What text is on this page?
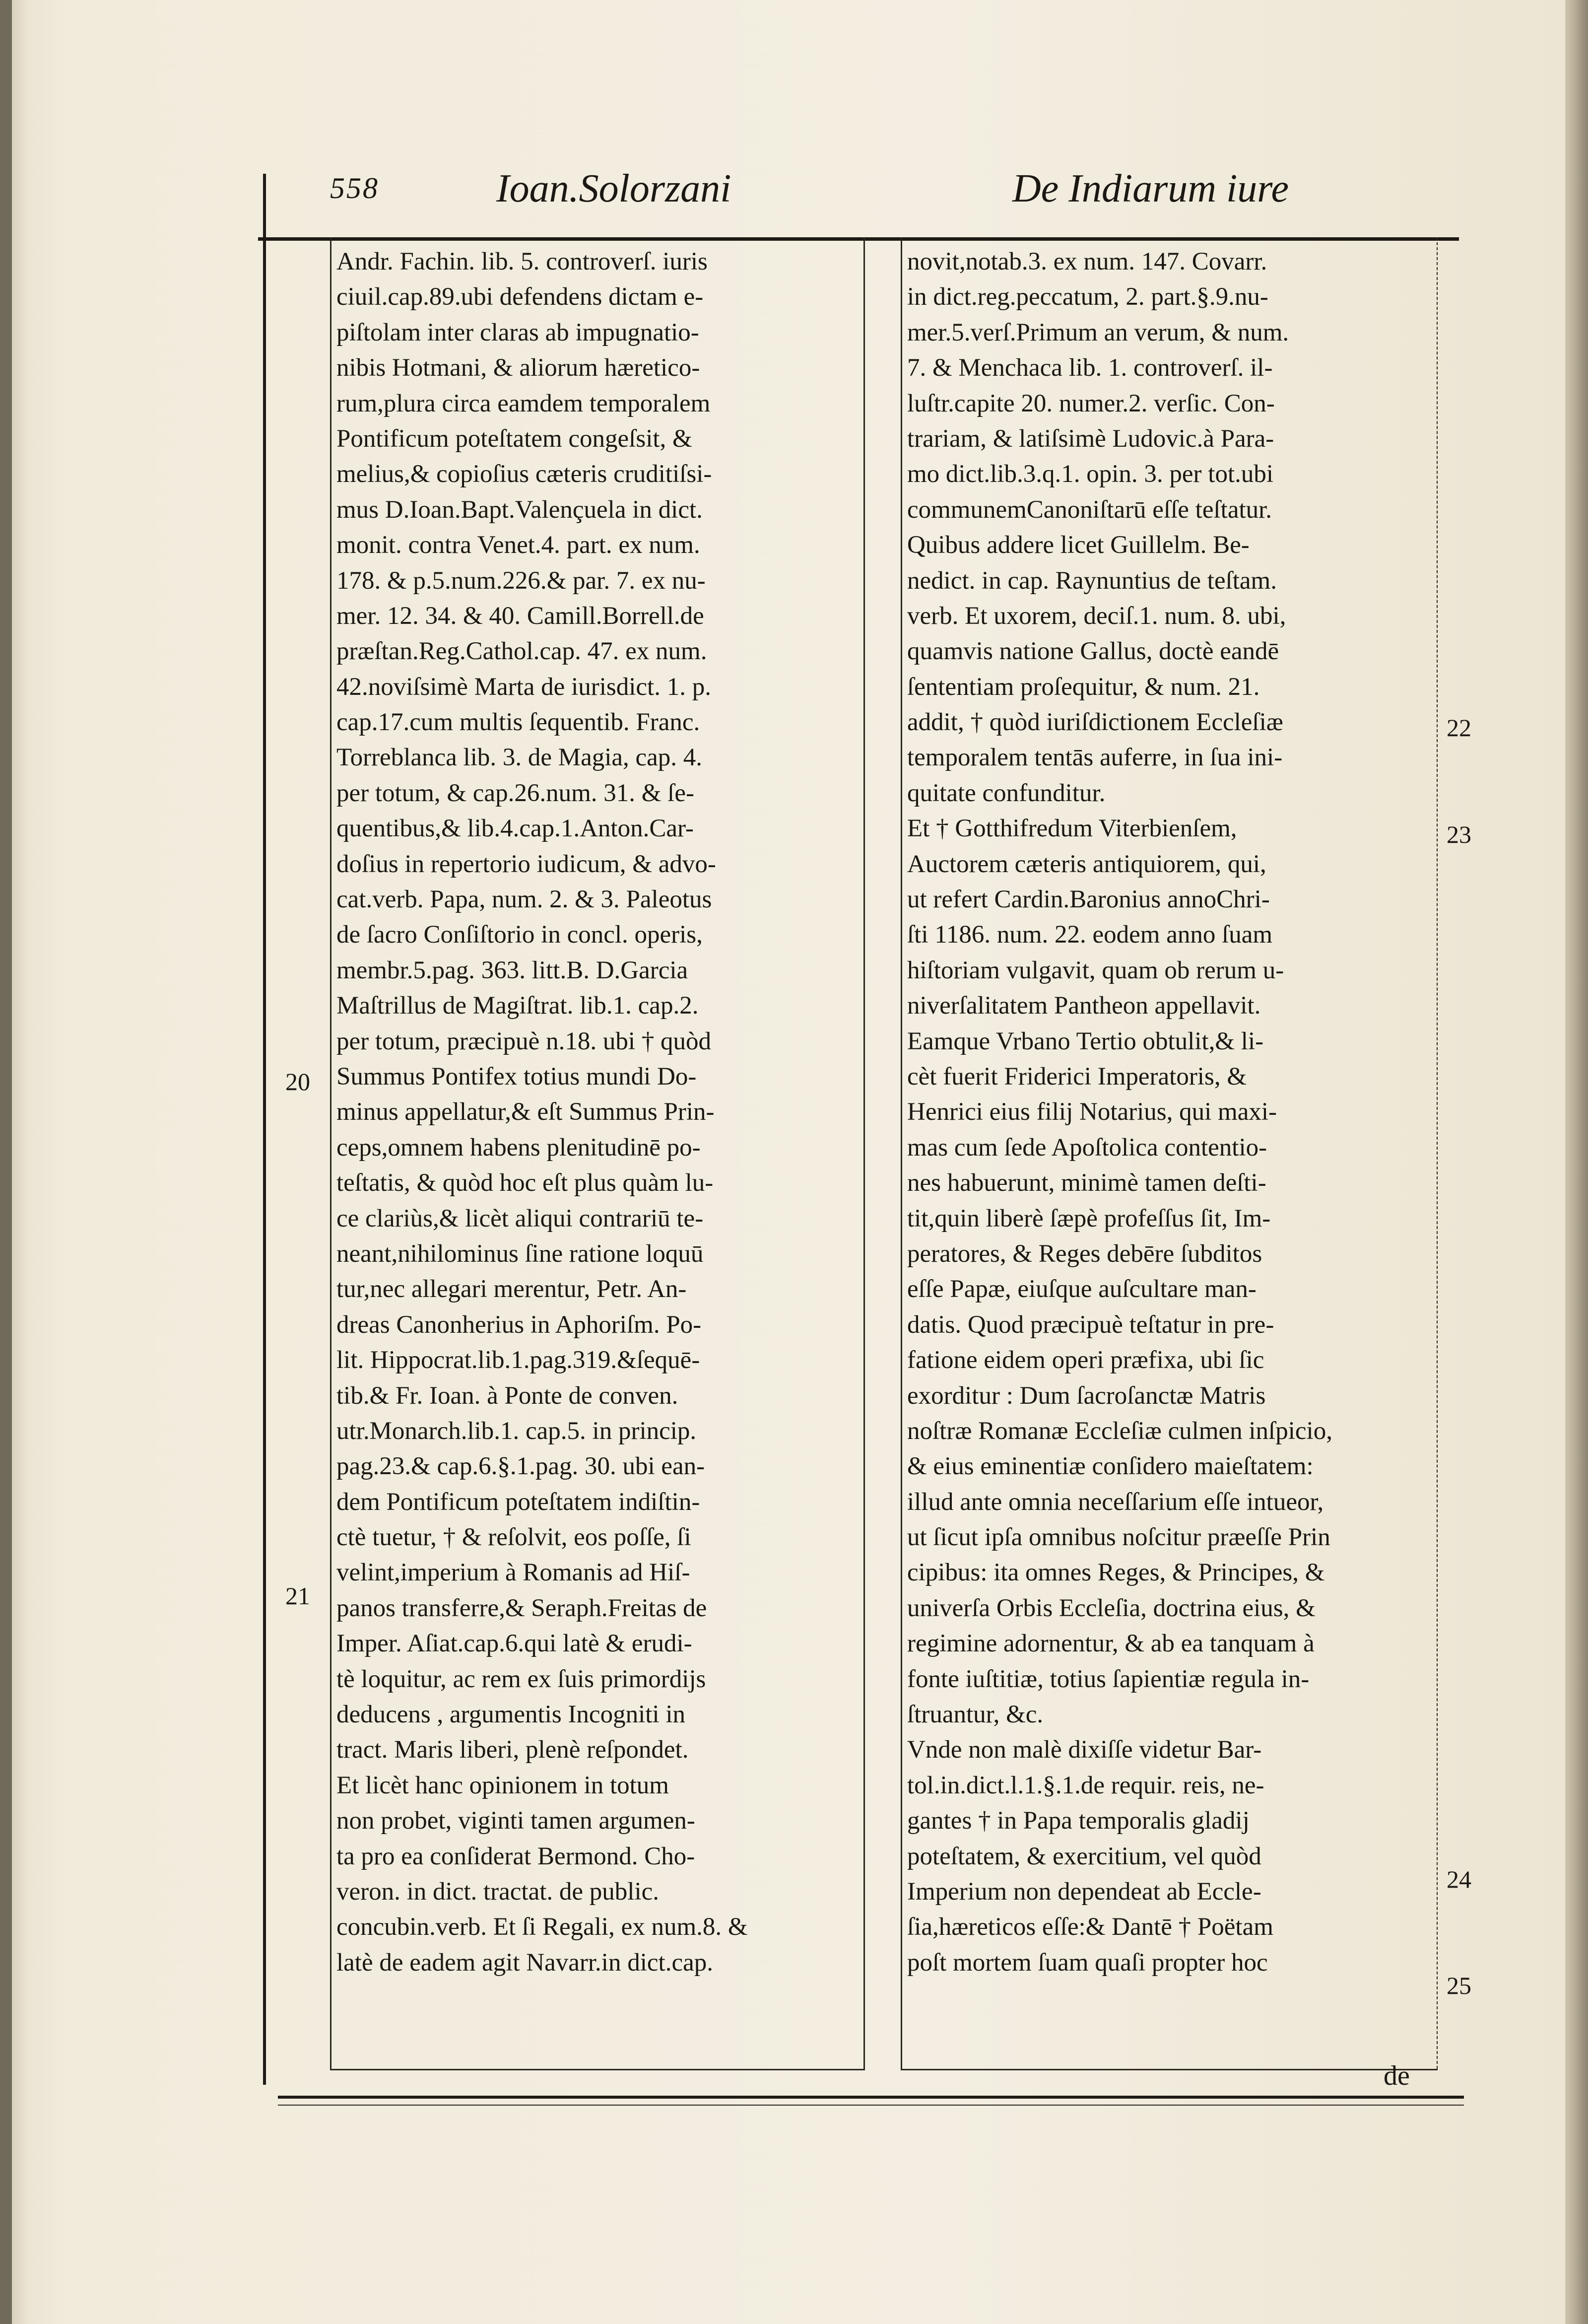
558	Ioan.Solorzani	De Indiarum iure
Andr. Fachin. lib. 5. controverſ. iuris
ciuil.cap.89.ubi defendens dictam e-
piſtolam inter claras ab impugnatio-
nibis Hotmani, & aliorum hæretico-
rum,plura circa eamdem temporalem
Pontificum poteſtatem congeſsit, &
melius,& copioſius cæteris cruditiſsi-
mus D.Ioan.Bapt.Valençuela in dict.
monit. contra Venet.4. part. ex num.
178. & p.5.num.226.& par. 7. ex nu-
mer. 12. 34. & 40. Camill.Borrell.de
præſtan.Reg.Cathol.cap. 47. ex num.
42.noviſsimè Marta de iurisdict. 1. p.
cap.17.cum multis ſequentib. Franc.
Torreblanca lib. 3. de Magia, cap. 4.
per totum, & cap.26.num. 31. & ſe-
quentibus,& lib.4.cap.1.Anton.Car-
doſius in repertorio iudicum, & advo-
cat.verb. Papa, num. 2. & 3. Paleotus
de ſacro Conſiſtorio in concl. operis,
membr.5.pag. 363. litt.B. D.Garcia
Maſtrillus de Magiſtrat. lib.1. cap.2.
per totum, præcipuè n.18. ubi † quòd
Summus Pontifex totius mundi Do-
minus appellatur,& eſt Summus Prin-
ceps,omnem habens plenitudinē po-
teſtatis, & quòd hoc eſt plus quàm lu-
ce clariùs,& licèt aliqui contrariū te-
neant,nihilominus ſine ratione loquū
tur,nec allegari merentur, Petr. An-
dreas Canonherius in Aphoriſm. Po-
lit. Hippocrat.lib.1.pag.319.&ſequē-
tib.& Fr. Ioan. à Ponte de conven.
utr.Monarch.lib.1. cap.5. in princip.
pag.23.& cap.6.§.1.pag. 30. ubi ean-
dem Pontificum poteſtatem indiſtin-
ctè tuetur, † & reſolvit, eos poſſe, ſi
velint,imperium à Romanis ad Hiſ-
panos transferre,& Seraph.Freitas de
Imper. Aſiat.cap.6.qui latè & erudi-
tè loquitur, ac rem ex ſuis primordijs
deducens , argumentis Incogniti in
tract. Maris liberi, plenè reſpondet.
Et licèt hanc opinionem in totum
non probet, viginti tamen argumen-
ta pro ea conſiderat Bermond. Cho-
veron. in dict. tractat. de public.
concubin.verb. Et ſi Regali, ex num.8. &
latè de eadem agit Navarr.in dict.cap.
novit,notab.3. ex num. 147. Covarr.
in dict.reg.peccatum, 2. part.§.9.nu-
mer.5.verſ.Primum an verum, & num.
7. & Menchaca lib. 1. controverſ. il-
luſtr.capite 20. numer.2. verſic. Con-
trariam, & latiſsimè Ludovic.à Para-
mo dict.lib.3.q.1. opin. 3. per tot.ubi
communemCanoniſtarū eſſe teſtatur.
Quibus addere licet Guillelm. Be-
nedict. in cap. Raynuntius de teſtam.
verb. Et uxorem, deciſ.1. num. 8. ubi,
quamvis natione Gallus, doctè eandē
ſententiam proſequitur, & num. 21.
addit, † quòd iuriſdictionem Eccleſiæ
temporalem tentās auferre, in ſua ini-
quitate confunditur.
Et † Gotthifredum Viterbienſem,
Auctorem cæteris antiquiorem, qui,
ut refert Cardin.Baronius annoChri-
ſti 1186. num. 22. eodem anno ſuam
hiſtoriam vulgavit, quam ob rerum u-
niverſalitatem Pantheon appellavit.
Eamque Vrbano Tertio obtulit,& li-
cèt fuerit Friderici Imperatoris, &
Henrici eius filij Notarius, qui maxi-
mas cum ſede Apoſtolica contentio-
nes habuerunt, minimè tamen deſti-
tit,quin liberè ſæpè profeſſus ſit, Im-
peratores, & Reges debēre ſubditos
eſſe Papæ, eiuſque auſcultare man-
datis. Quod præcipuè teſtatur in pre-
fatione eidem operi præfixa, ubi ſic
exorditur : Dum ſacroſanctæ Matris
noſtræ Romanæ Eccleſiæ culmen inſpicio,
& eius eminentiæ conſidero maieſtatem:
illud ante omnia neceſſarium eſſe intueor,
ut ſicut ipſa omnibus noſcitur præeſſe Prin
cipibus: ita omnes Reges, & Principes, &
univerſa Orbis Eccleſia, doctrina eius, &
regimine adornentur, & ab ea tanquam à
fonte iuſtitiæ, totius ſapientiæ regula in-
ſtruantur, &c.
Vnde non malè dixiſſe videtur Bar-
tol.in.dict.l.1.§.1.de requir. reis, ne-
gantes † in Papa temporalis gladij
poteſtatem, & exercitium, vel quòd
Imperium non dependeat ab Eccle-
ſia,hæreticos eſſe:& Dantē † Poëtam
poſt mortem ſuam quaſi propter hoc
20
21
22
23
24
25
de
